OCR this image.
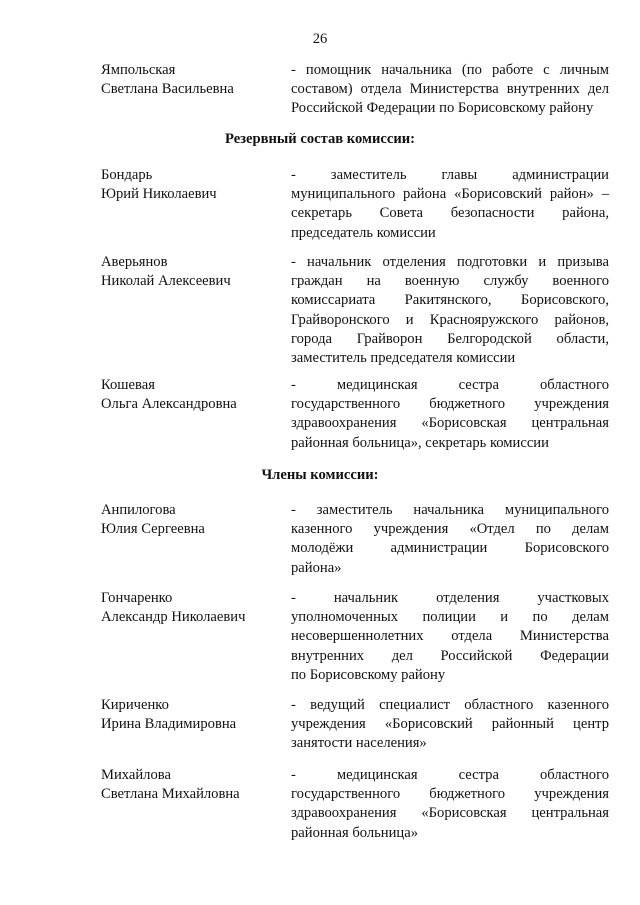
26
Ямпольская
Светлана Васильевна
- помощник начальника (по работе с личным
составом) отдела Министерства внутренних дел
Российской Федерации по Борисовскому району
Резервный состав комиссии:
Бондарь
Юрий Николаевич
- заместитель главы администрации
муниципального района «Борисовский район» –
секретарь Совета безопасности района,
председатель комиссии
Аверьянов
Николай Алексеевич
- начальник отделения подготовки и призыва
граждан на военную службу военного
комиссариата Ракитянского, Борисовского,
Грайворонского и Краснояружского районов,
города Грайворон Белгородской области,
заместитель председателя комиссии
Кошевая
Ольга Александровна
- медицинская сестра областного
государственного бюджетного учреждения
здравоохранения «Борисовская центральная
районная больница», секретарь комиссии
Члены комиссии:
Анпилогова
Юлия Сергеевна
- заместитель начальника муниципального
казенного учреждения «Отдел по делам
молодёжи администрации Борисовского
района»
Гончаренко
Александр Николаевич
- начальник отделения участковых
уполномоченных полиции и по делам
несовершеннолетних отдела Министерства
внутренних дел Российской Федерации
по Борисовскому району
Кириченко
Ирина Владимировна
- ведущий специалист областного казенного
учреждения «Борисовский районный центр
занятости населения»
Михайлова
Светлана Михайловна
- медицинская сестра областного
государственного бюджетного учреждения
здравоохранения «Борисовская центральная
районная больница»
